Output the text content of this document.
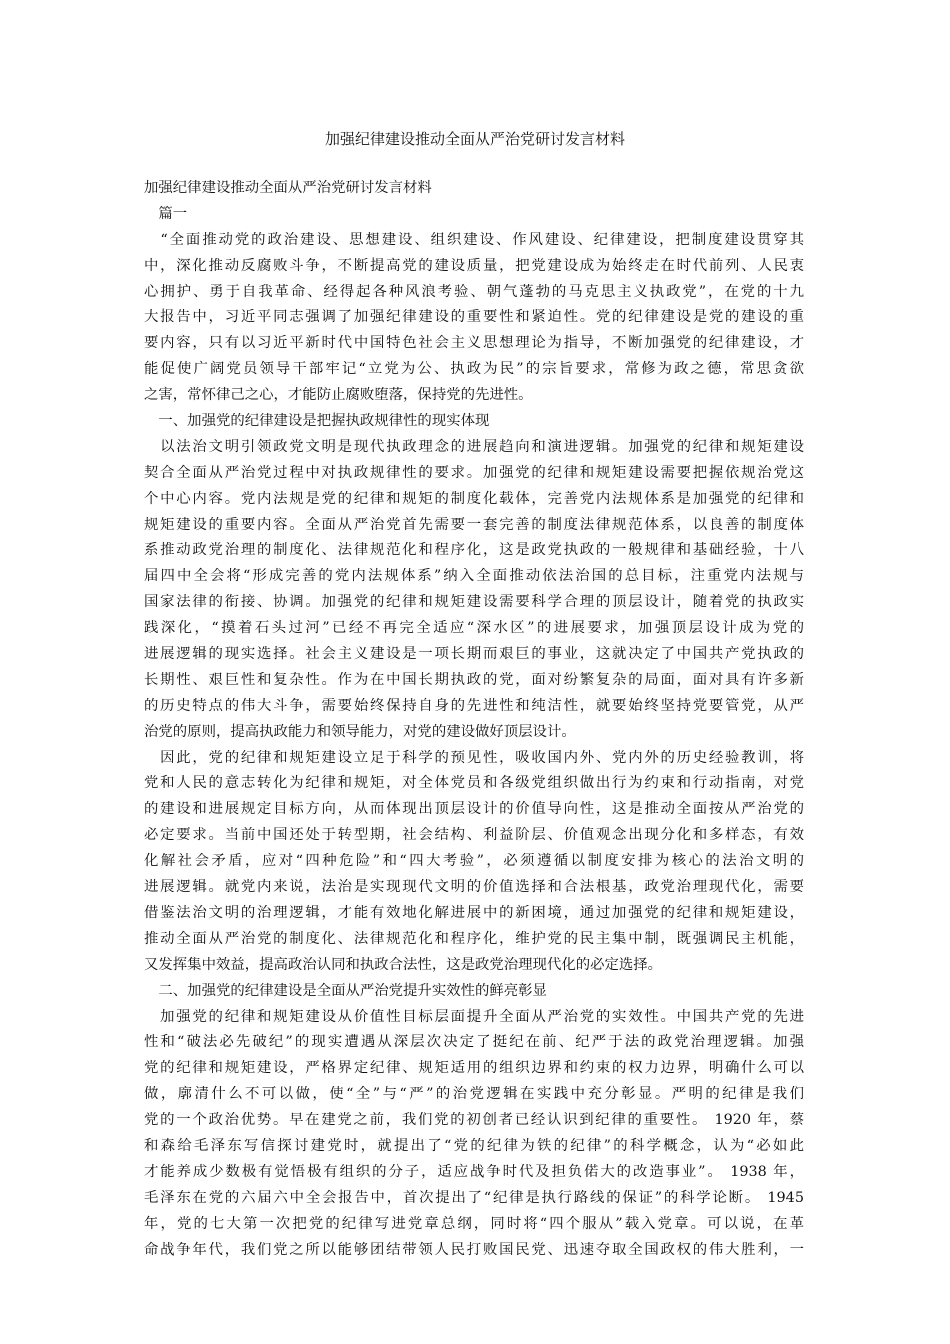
加强纪律建设推动全面从严治党研讨发言材料
加强纪律建设推动全面从严治党研讨发言材料
　篇一
　“全面推动党的政治建设、思想建设、组织建设、作风建设、纪律建设，把制度建设贯穿其
中，深化推动反腐败斗争，不断提高党的建设质量，把党建设成为始终走在时代前列、人民衷
心拥护、勇于自我革命、经得起各种风浪考验、朝气蓬勃的马克思主义执政党”，在党的十九
大报告中，习近平同志强调了加强纪律建设的重要性和紧迫性。党的纪律建设是党的建设的重
要内容，只有以习近平新时代中国特色社会主义思想理论为指导，不断加强党的纪律建设，才
能促使广阔党员领导干部牢记“立党为公、执政为民”的宗旨要求，常修为政之德，常思贪欲
之害，常怀律己之心，才能防止腐败堕落，保持党的先进性。
　一、加强党的纪律建设是把握执政规律性的现实体现
　以法治文明引领政党文明是现代执政理念的进展趋向和演进逻辑。加强党的纪律和规矩建设
契合全面从严治党过程中对执政规律性的要求。加强党的纪律和规矩建设需要把握依规治党这
个中心内容。党内法规是党的纪律和规矩的制度化载体，完善党内法规体系是加强党的纪律和
规矩建设的重要内容。全面从严治党首先需要一套完善的制度法律规范体系，以良善的制度体
系推动政党治理的制度化、法律规范化和程序化，这是政党执政的一般规律和基础经验，十八
届四中全会将“形成完善的党内法规体系”纳入全面推动依法治国的总目标，注重党内法规与
国家法律的衔接、协调。加强党的纪律和规矩建设需要科学合理的顶层设计，随着党的执政实
践深化，“摸着石头过河”已经不再完全适应“深水区”的进展要求，加强顶层设计成为党的
进展逻辑的现实选择。社会主义建设是一项长期而艰巨的事业，这就决定了中国共产党执政的
长期性、艰巨性和复杂性。作为在中国长期执政的党，面对纷繁复杂的局面，面对具有许多新
的历史特点的伟大斗争，需要始终保持自身的先进性和纯洁性，就要始终坚持党要管党，从严
治党的原则，提高执政能力和领导能力，对党的建设做好顶层设计。
　因此，党的纪律和规矩建设立足于科学的预见性，吸收国内外、党内外的历史经验教训，将
党和人民的意志转化为纪律和规矩，对全体党员和各级党组织做出行为约束和行动指南，对党
的建设和进展规定目标方向，从而体现出顶层设计的价值导向性，这是推动全面按从严治党的
必定要求。当前中国还处于转型期，社会结构、利益阶层、价值观念出现分化和多样态，有效
化解社会矛盾，应对“四种危险”和“四大考验”，必须遵循以制度安排为核心的法治文明的
进展逻辑。就党内来说，法治是实现现代文明的价值选择和合法根基，政党治理现代化，需要
借鉴法治文明的治理逻辑，才能有效地化解进展中的新困境，通过加强党的纪律和规矩建设，
推动全面从严治党的制度化、法律规范化和程序化，维护党的民主集中制，既强调民主机能，
又发挥集中效益，提高政治认同和执政合法性，这是政党治理现代化的必定选择。
　二、加强党的纪律建设是全面从严治党提升实效性的鲜亮彰显
　加强党的纪律和规矩建设从价值性目标层面提升全面从严治党的实效性。中国共产党的先进
性和“破法必先破纪”的现实遭遇从深层次决定了挺纪在前、纪严于法的政党治理逻辑。加强
党的纪律和规矩建设，严格界定纪律、规矩适用的组织边界和约束的权力边界，明确什么可以
做，廓清什么不可以做，使“全”与“严”的治党逻辑在实践中充分彰显。严明的纪律是我们
党的一个政治优势。早在建党之前，我们党的初创者已经认识到纪律的重要性。 1920 年，蔡
和森给毛泽东写信探讨建党时，就提出了“党的纪律为铁的纪律”的科学概念，认为“必如此
才能养成少数极有觉悟极有组织的分子，适应战争时代及担负偌大的改造事业”。 1938 年，
毛泽东在党的六届六中全会报告中，首次提出了“纪律是执行路线的保证”的科学论断。 1945
年，党的七大第一次把党的纪律写进党章总纲，同时将“四个服从”载入党章。可以说，在革
命战争年代，我们党之所以能够团结带领人民打败国民党、迅速夺取全国政权的伟大胜利，一
